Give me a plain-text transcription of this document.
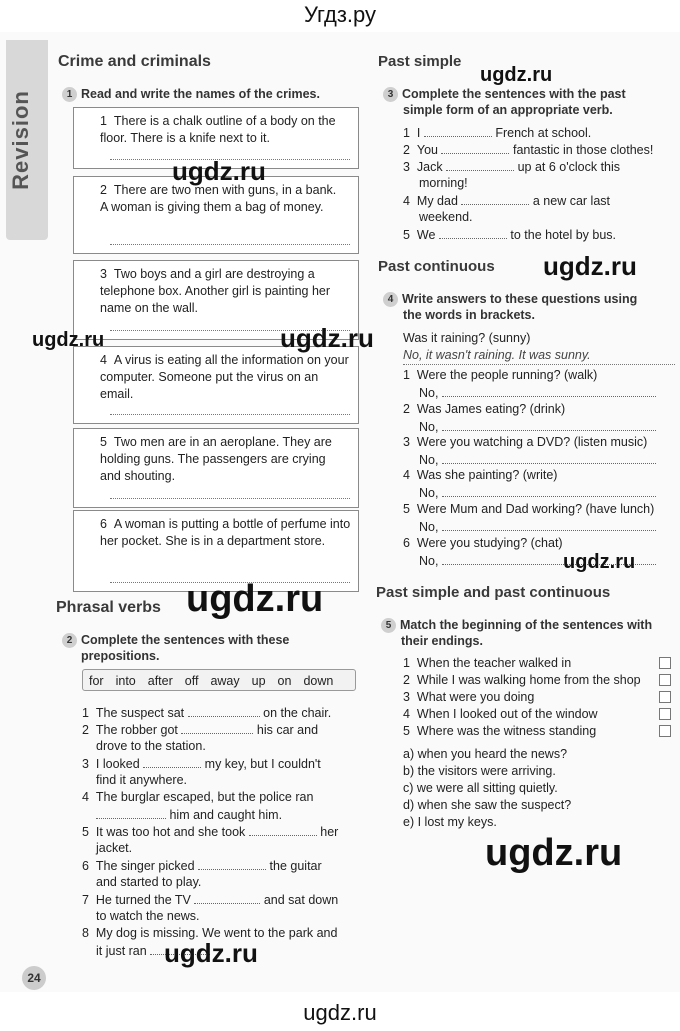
Угдз.ру
Revision
Crime and criminals
1 Read and write the names of the crimes.
1 There is a chalk outline of a body on the floor. There is a knife next to it.
2 There are two men with guns, in a bank. A woman is giving them a bag of money.
3 Two boys and a girl are destroying a telephone box. Another girl is painting her name on the wall.
4 A virus is eating all the information on your computer. Someone put the virus on an email.
5 Two men are in an aeroplane. They are holding guns. The passengers are crying and shouting.
6 A woman is putting a bottle of perfume into her pocket. She is in a department store.
Phrasal verbs
2 Complete the sentences with these
prepositions.
for into after off away up on down
1 The suspect sat	on the chair.
2 The robber got	his car and
drove to the station.
3 I looked	my key, but I couldn't
find it anywhere.
4 The burglar escaped, but the police ran
him and caught him.
5 It was too hot and she took	her
jacket.
6 The singer picked	the guitar
and started to play.
7 He turned the TV	and sat down
to watch the news.
8 My dog is missing. We went to the park and
it just ran
24
Past simple
3 Complete the sentences with the past
simple form of an appropriate verb.
1 I	French at school.
2 You	fantastic in those clothes!
3 Jack	up at 6 o'clock this
morning!
4 My dad	a new car last
weekend.
5 We	to the hotel by bus.
Past continuous
4 Write answers to these questions using
the words in brackets.
Was it raining? (sunny)
No, it wasn't raining. It was sunny.
1 Were the people running? (walk)
No,
2 Was James eating? (drink)
No,
3 Were you watching a DVD? (listen music)
No,
4 Was she painting? (write)
No,
5 Were Mum and Dad working? (have lunch)
No,
6 Were you studying? (chat)
No,
Past simple and past continuous
5 Match the beginning of the sentences with
their endings.
1 When the teacher walked in
2 While I was walking home from the shop
3 What were you doing
4 When I looked out of the window
5 Where was the witness standing
a) when you heard the news?
b) the visitors were arriving.
c) we were all sitting quietly.
d) when she saw the suspect?
e) I lost my keys.
ugdz.ru
ugdz.ru
ugdz.ru
ugdz.ru	ugdz.ru
ugdz.ru
ugdz.ru
ugdz.ru
ugdz.ru
ugdz.ru
